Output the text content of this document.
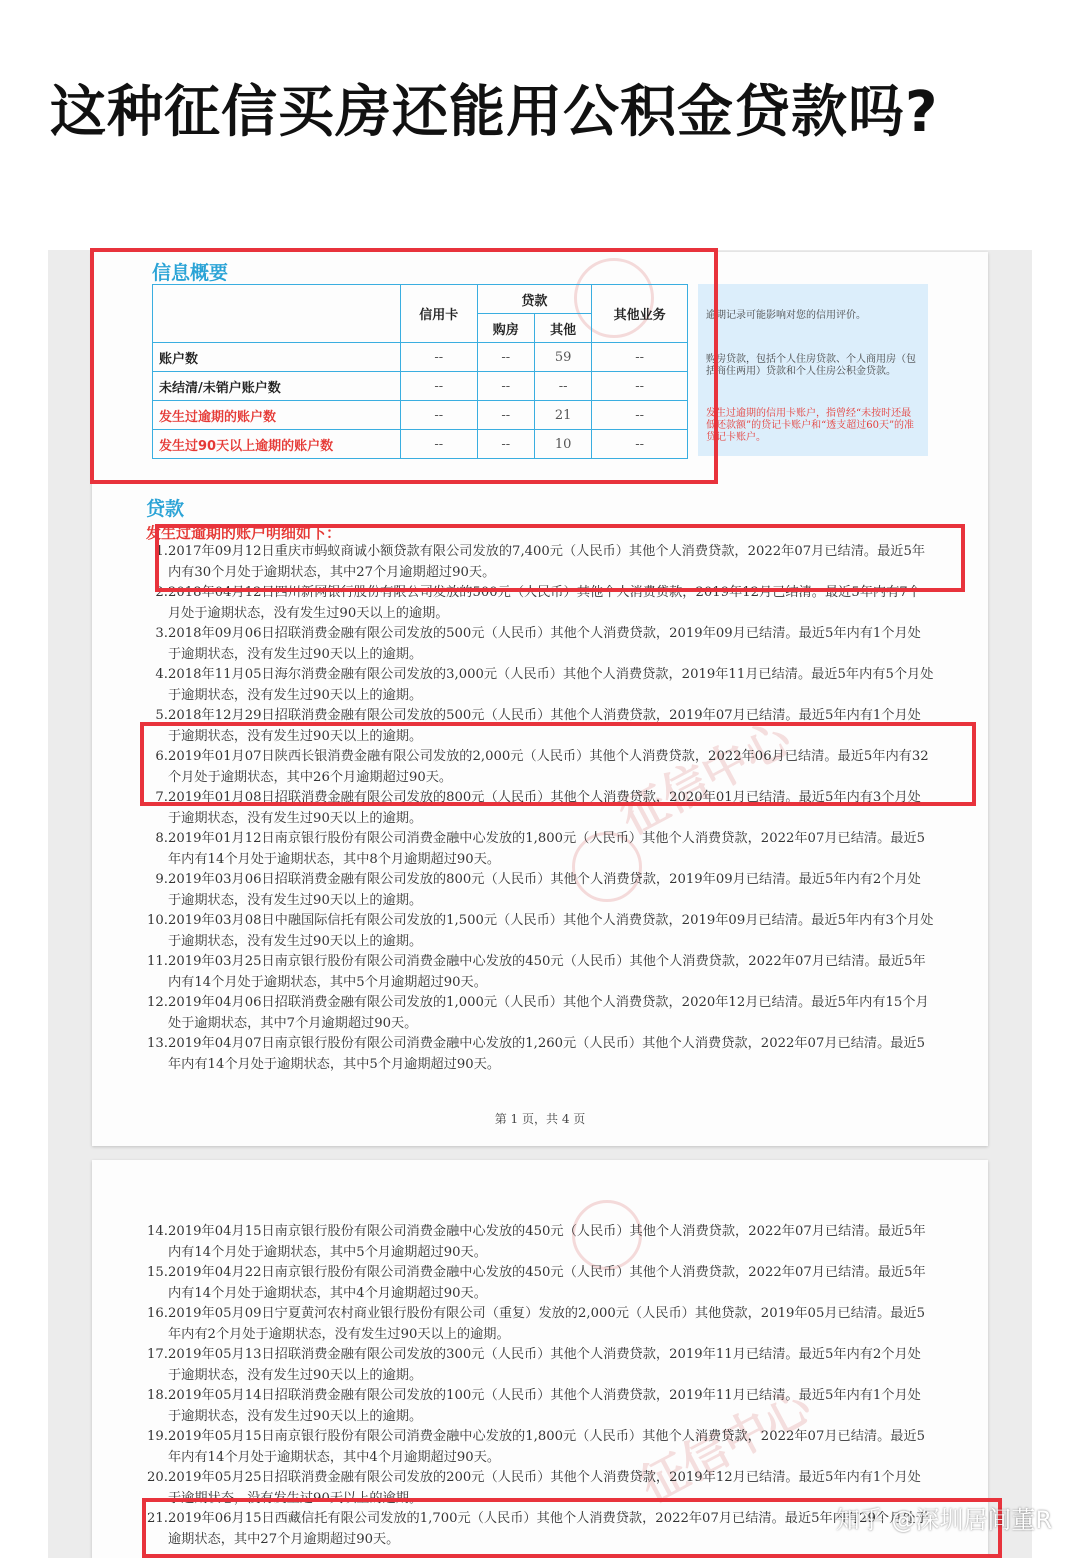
这种征信买房还能用公积金贷款吗?
征信中心
信息概要
	信用卡	贷款		其他业务
		购房	其他	
账户数	--	--	59	--
未结清/未销户账户数	--	--	--	--
发生过逾期的账户数	--	--	21	--
发生过90天以上逾期的账户数	--	--	10	--
逾期记录可能影响对您的信用评价。
购房贷款，包括个人住房贷款、个人商用房（包括商住两用）贷款和个人住房公积金贷款。
发生过逾期的信用卡账户，指曾经“未按时还最低还款额”的贷记卡账户和“透支超过60天”的准贷记卡账户。
贷款
发生过逾期的账户明细如下：
1. 2017年09月12日重庆市蚂蚁商诚小额贷款有限公司发放的7,400元（人民币）其他个人消费贷款，2022年07月已结清。最近5年内有30个月处于逾期状态，其中27个月逾期超过90天。
2. 2018年04月12日四川新网银行股份有限公司发放的500元（人民币）其他个人消费贷款，2019年12月已结清。最近5年内有7个月处于逾期状态，没有发生过90天以上的逾期。
3. 2018年09月06日招联消费金融有限公司发放的500元（人民币）其他个人消费贷款，2019年09月已结清。最近5年内有1个月处于逾期状态，没有发生过90天以上的逾期。
4. 2018年11月05日海尔消费金融有限公司发放的3,000元（人民币）其他个人消费贷款，2019年11月已结清。最近5年内有5个月处于逾期状态，没有发生过90天以上的逾期。
5. 2018年12月29日招联消费金融有限公司发放的500元（人民币）其他个人消费贷款，2019年07月已结清。最近5年内有1个月处于逾期状态，没有发生过90天以上的逾期。
6. 2019年01月07日陕西长银消费金融有限公司发放的2,000元（人民币）其他个人消费贷款，2022年06月已结清。最近5年内有32个月处于逾期状态，其中26个月逾期超过90天。
7. 2019年01月08日招联消费金融有限公司发放的800元（人民币）其他个人消费贷款，2020年01月已结清。最近5年内有3个月处于逾期状态，没有发生过90天以上的逾期。
8. 2019年01月12日南京银行股份有限公司消费金融中心发放的1,800元（人民币）其他个人消费贷款，2022年07月已结清。最近5年内有14个月处于逾期状态，其中8个月逾期超过90天。
9. 2019年03月06日招联消费金融有限公司发放的800元（人民币）其他个人消费贷款，2019年09月已结清。最近5年内有2个月处于逾期状态，没有发生过90天以上的逾期。
10. 2019年03月08日中融国际信托有限公司发放的1,500元（人民币）其他个人消费贷款，2019年09月已结清。最近5年内有3个月处于逾期状态，没有发生过90天以上的逾期。
11. 2019年03月25日南京银行股份有限公司消费金融中心发放的450元（人民币）其他个人消费贷款，2022年07月已结清。最近5年内有14个月处于逾期状态，其中5个月逾期超过90天。
12. 2019年04月06日招联消费金融有限公司发放的1,000元（人民币）其他个人消费贷款，2020年12月已结清。最近5年内有15个月处于逾期状态，其中7个月逾期超过90天。
13. 2019年04月07日南京银行股份有限公司消费金融中心发放的1,260元（人民币）其他个人消费贷款，2022年07月已结清。最近5年内有14个月处于逾期状态，其中5个月逾期超过90天。
第 1 页，共 4 页
征信中心
14. 2019年04月15日南京银行股份有限公司消费金融中心发放的450元（人民币）其他个人消费贷款，2022年07月已结清。最近5年内有14个月处于逾期状态，其中5个月逾期超过90天。
15. 2019年04月22日南京银行股份有限公司消费金融中心发放的450元（人民币）其他个人消费贷款，2022年07月已结清。最近5年内有14个月处于逾期状态，其中4个月逾期超过90天。
16. 2019年05月09日宁夏黄河农村商业银行股份有限公司（重复）发放的2,000元（人民币）其他贷款，2019年05月已结清。最近5年内有2个月处于逾期状态，没有发生过90天以上的逾期。
17. 2019年05月13日招联消费金融有限公司发放的300元（人民币）其他个人消费贷款，2019年11月已结清。最近5年内有2个月处于逾期状态，没有发生过90天以上的逾期。
18. 2019年05月14日招联消费金融有限公司发放的100元（人民币）其他个人消费贷款，2019年11月已结清。最近5年内有1个月处于逾期状态，没有发生过90天以上的逾期。
19. 2019年05月15日南京银行股份有限公司消费金融中心发放的1,800元（人民币）其他个人消费贷款，2022年07月已结清。最近5年内有14个月处于逾期状态，其中4个月逾期超过90天。
20. 2019年05月25日招联消费金融有限公司发放的200元（人民币）其他个人消费贷款，2019年12月已结清。最近5年内有1个月处于逾期状态，没有发生过90天以上的逾期。
21. 2019年06月15日西藏信托有限公司发放的1,700元（人民币）其他个人消费贷款，2022年07月已结清。最近5年内有29个月处于逾期状态，其中27个月逾期超过90天。
知乎 @深圳居间董R
